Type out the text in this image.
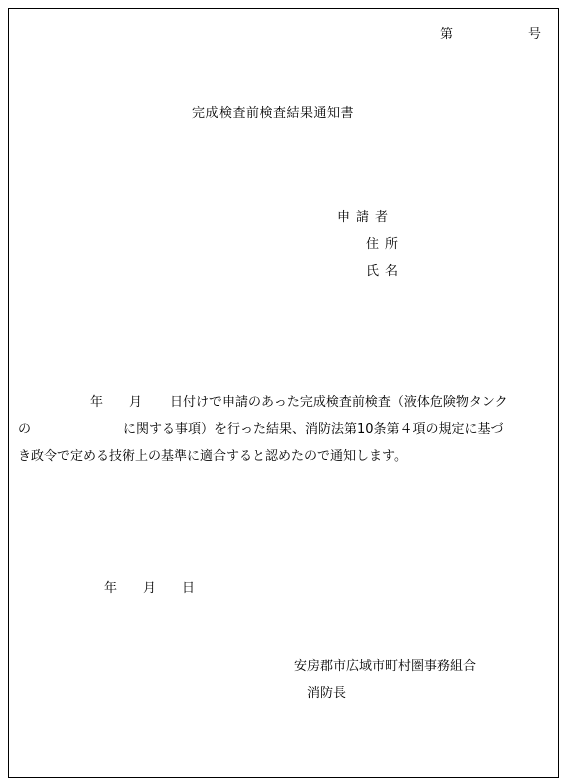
第	号
完成検査前検査結果通知書
申請者
住所
氏名
年 月 日付けで申請のあった完成検査前検査（液体危険物タンク
の	に関する事項）を行った結果、消防法第10条第４項の規定に基づ
き政令で定める技術上の基準に適合すると認めたので通知します。
年 月 日
安房郡市広域市町村圏事務組合
消防長
